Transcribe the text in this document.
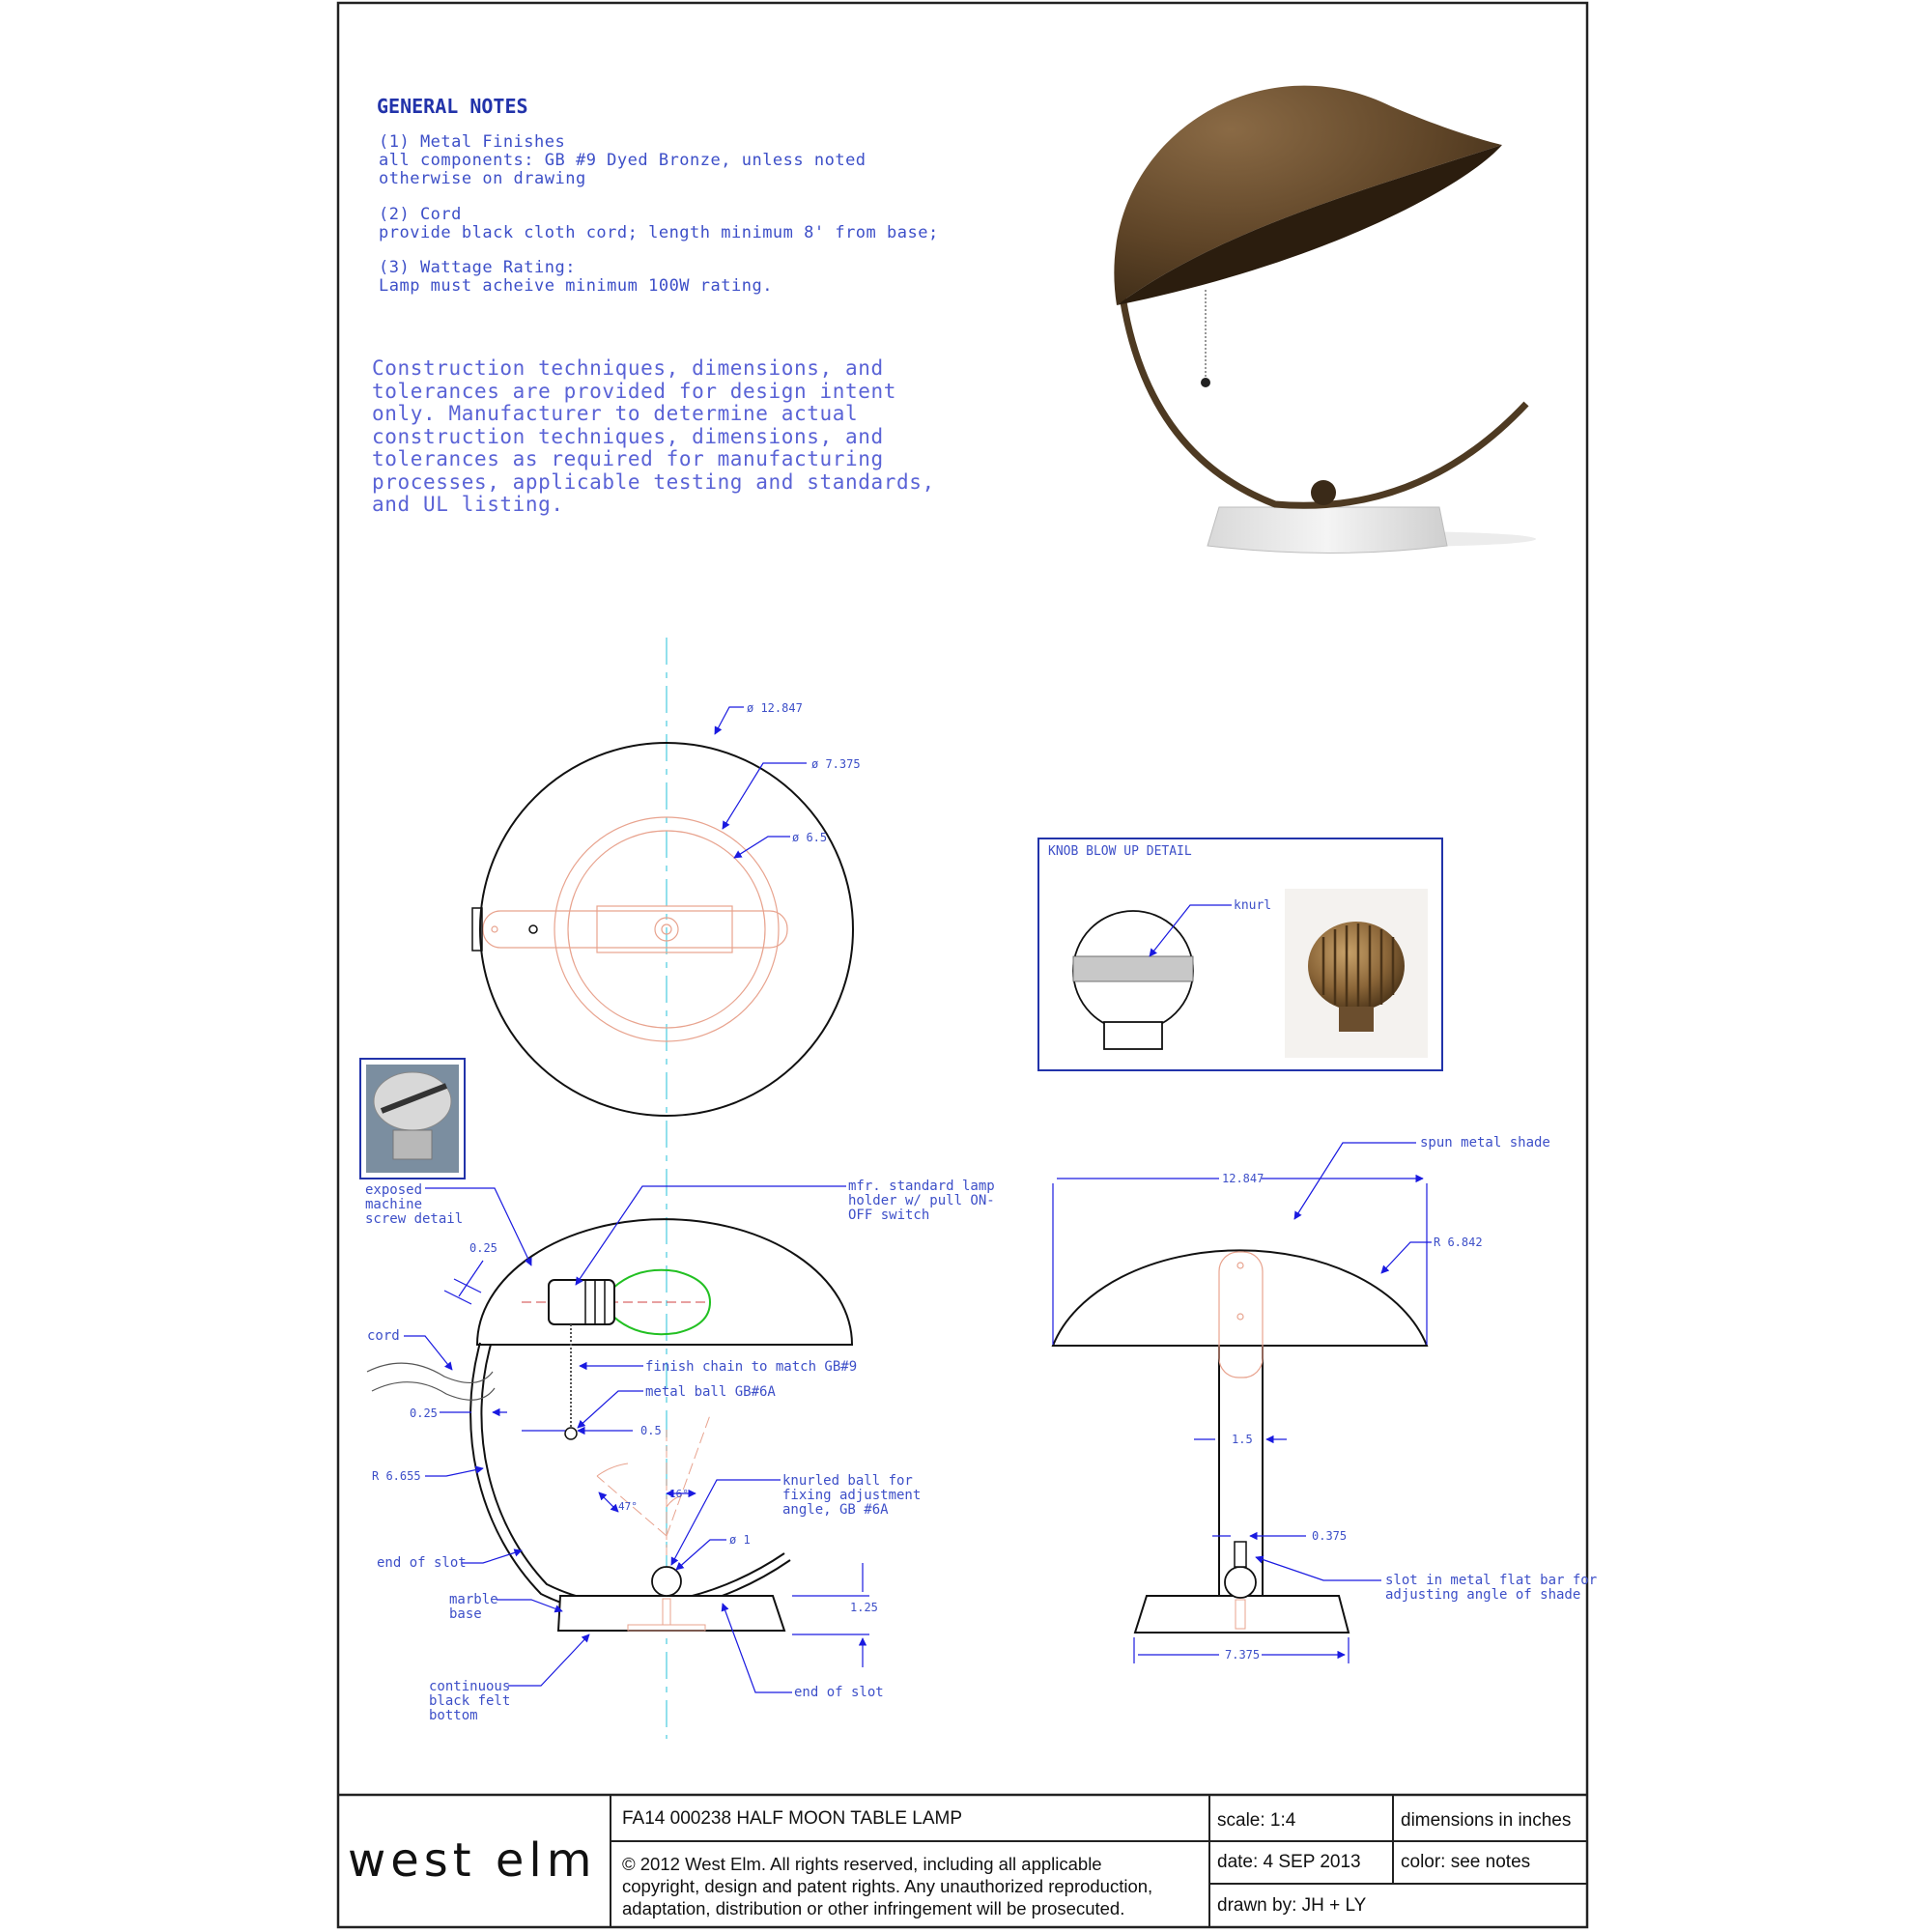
ø 12.847
ø 7.375
ø 6.5
KNOB BLOW UP DETAIL
knurl
exposed
machine
screw detail
0.25
cord
0.25
R 6.655
end of slot
marble
base
continuous
black felt
bottom
mfr. standard lamp
holder w/ pull ON-
OFF switch
finish chain to match GB#9
metal ball GB#6A
0.5
knurled ball for
fixing adjustment
angle, GB #6A
47°
16°
ø 1
1.25
end of slot
spun metal shade
12.847
R 6.842
1.5
0.375
slot in metal flat bar for
adjusting angle of shade
7.375
GENERAL NOTES
(1) Metal Finishes
all components: GB #9 Dyed Bronze, unless noted
otherwise on drawing
(2) Cord
provide black cloth cord; length minimum 8' from base;
(3) Wattage Rating:
Lamp must acheive minimum 100W rating.
Construction techniques, dimensions, and tolerances are provided for design intent only. Manufacturer to determine actual construction techniques, dimensions, and tolerances as required for manufacturing processes, applicable testing and standards, and UL listing.
west elm
FA14 000238 HALF MOON TABLE LAMP
© 2012 West Elm. All rights reserved, including all applicable
copyright, design and patent rights. Any unauthorized reproduction,
adaptation, distribution or other infringement will be prosecuted.
scale: 1:4
date: 4 SEP 2013
drawn by: JH + LY
dimensions in inches
color: see notes
